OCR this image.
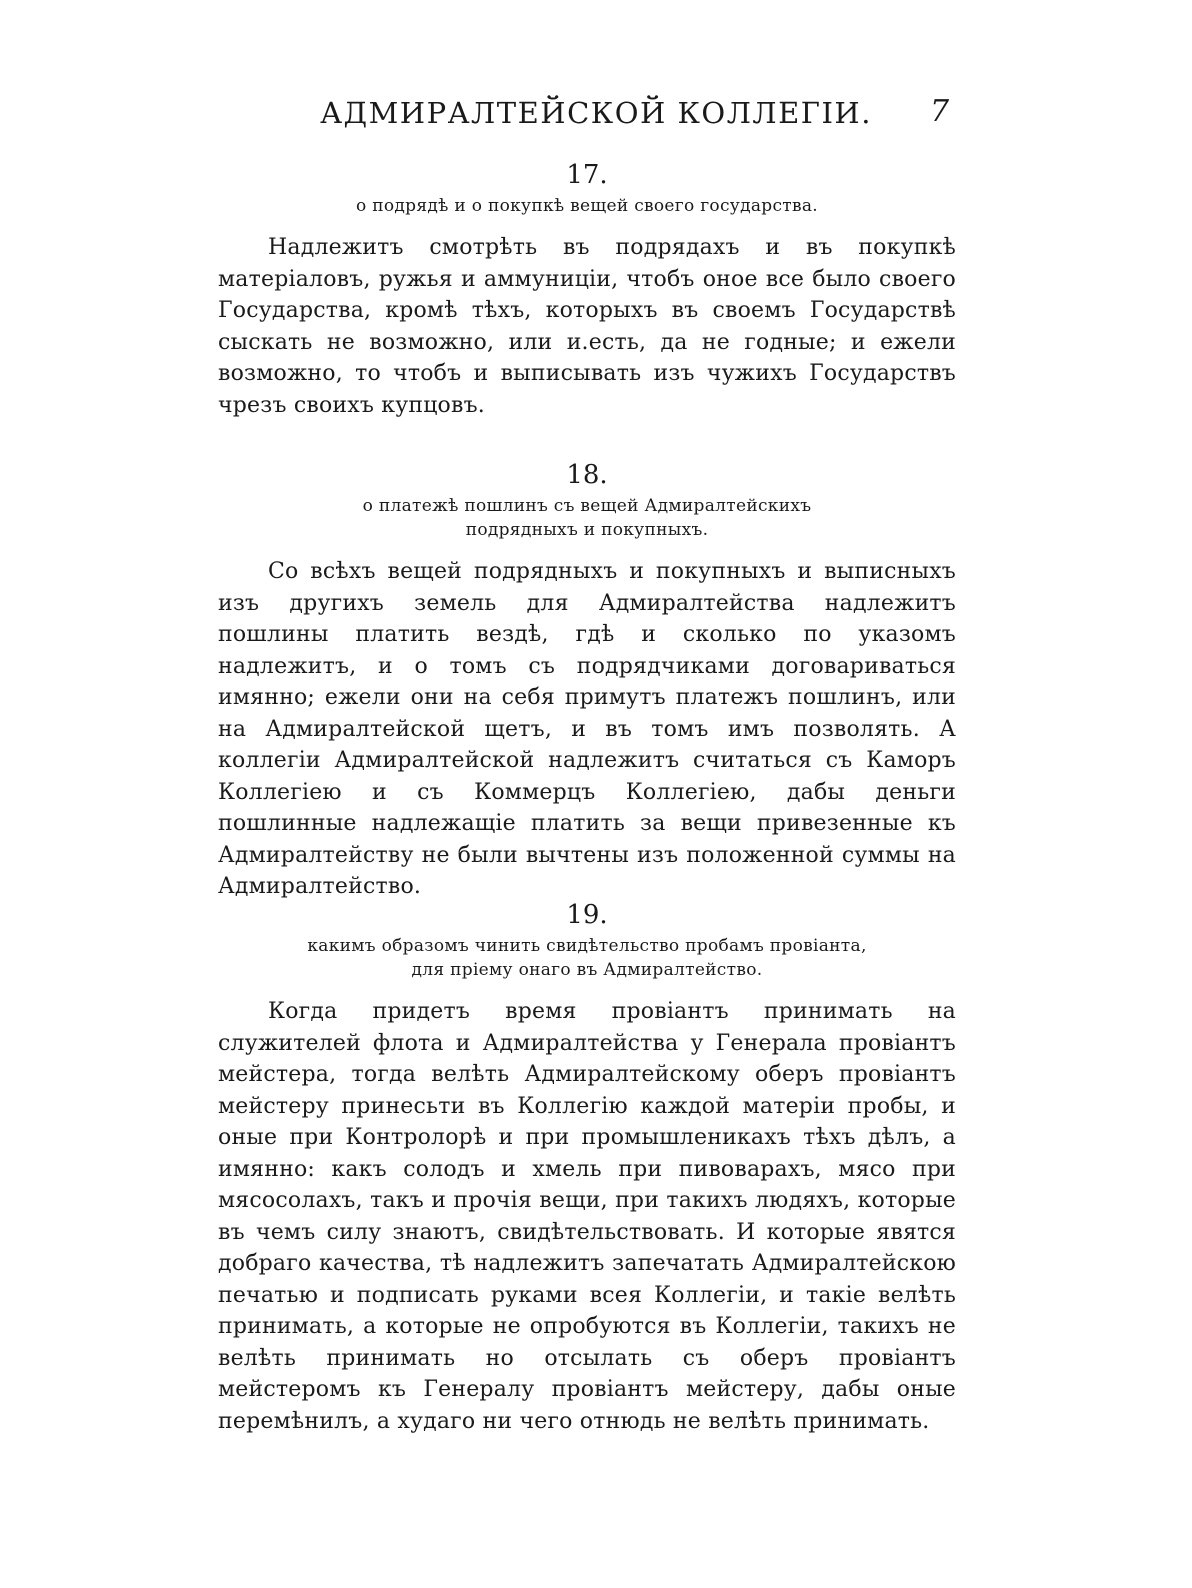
АДМИРАЛТЕЙСКОЙ КОЛЛЕГІИ.	7
17.
о подрядѣ и о покупкѣ вещей своего государства.

Надлежитъ смотрѣть въ подрядахъ и въ покупкѣ матеріаловъ, ружья и аммуниціи, чтобъ оное все было своего Государства, кромѣ тѣхъ, которыхъ въ своемъ Государствѣ сыскать не возможно, или и.есть, да не годные; и ежели возможно, то чтобъ и выписывать изъ чужихъ Государствъ чрезъ своихъ купцовъ.

18.
о платежѣ пошлинъ съ вещей Адмиралтейскихъ
подрядныхъ и покупныхъ.

Со всѣхъ вещей подрядныхъ и покупныхъ и выписныхъ изъ другихъ земель для Адмиралтейства надлежитъ пошлины платить вездѣ, гдѣ и сколько по указомъ надлежитъ, и о томъ съ подрядчиками договариваться имянно; ежели они на себя примутъ платежъ пошлинъ, или на Адмиралтейской щетъ, и въ томъ имъ позволять. А коллегіи Адмиралтейской надлежитъ считаться съ Каморъ Коллегіею и съ Коммерцъ Коллегіею, дабы деньги пошлинные надлежащіе платить за вещи привезенные къ Адмиралтейству не были вычтены изъ положенной суммы на Адмиралтейство.

19.
какимъ образомъ чинить свидѣтельство пробамъ провіанта,
для пріему онаго въ Адмиралтейство.

Когда придетъ время провіантъ принимать на служителей флота и Адмиралтейства у Генерала провіантъ мейстера, тогда велѣть Адмиралтейскому оберъ провіантъ мейстеру принесьти въ Коллегію каждой матеріи пробы, и оные при Контролорѣ и при промышленикахъ тѣхъ дѣлъ, а имянно: какъ солодъ и хмель при пивоварахъ, мясо при мясосолахъ, такъ и прочія вещи, при такихъ людяхъ, которые въ чемъ силу знаютъ, свидѣтельствовать. И которые явятся добраго качества, тѣ надлежитъ запечатать Адмиралтейскою печатью и подписать руками всея Коллегіи, и такіе велѣть принимать, а которые не опробуются въ Коллегіи, такихъ не велѣть принимать но отсылать съ оберъ провіантъ мейстеромъ къ Генералу провіантъ мейстеру, дабы оные перемѣнилъ, а худаго ни чего отнюдь не велѣть принимать.
